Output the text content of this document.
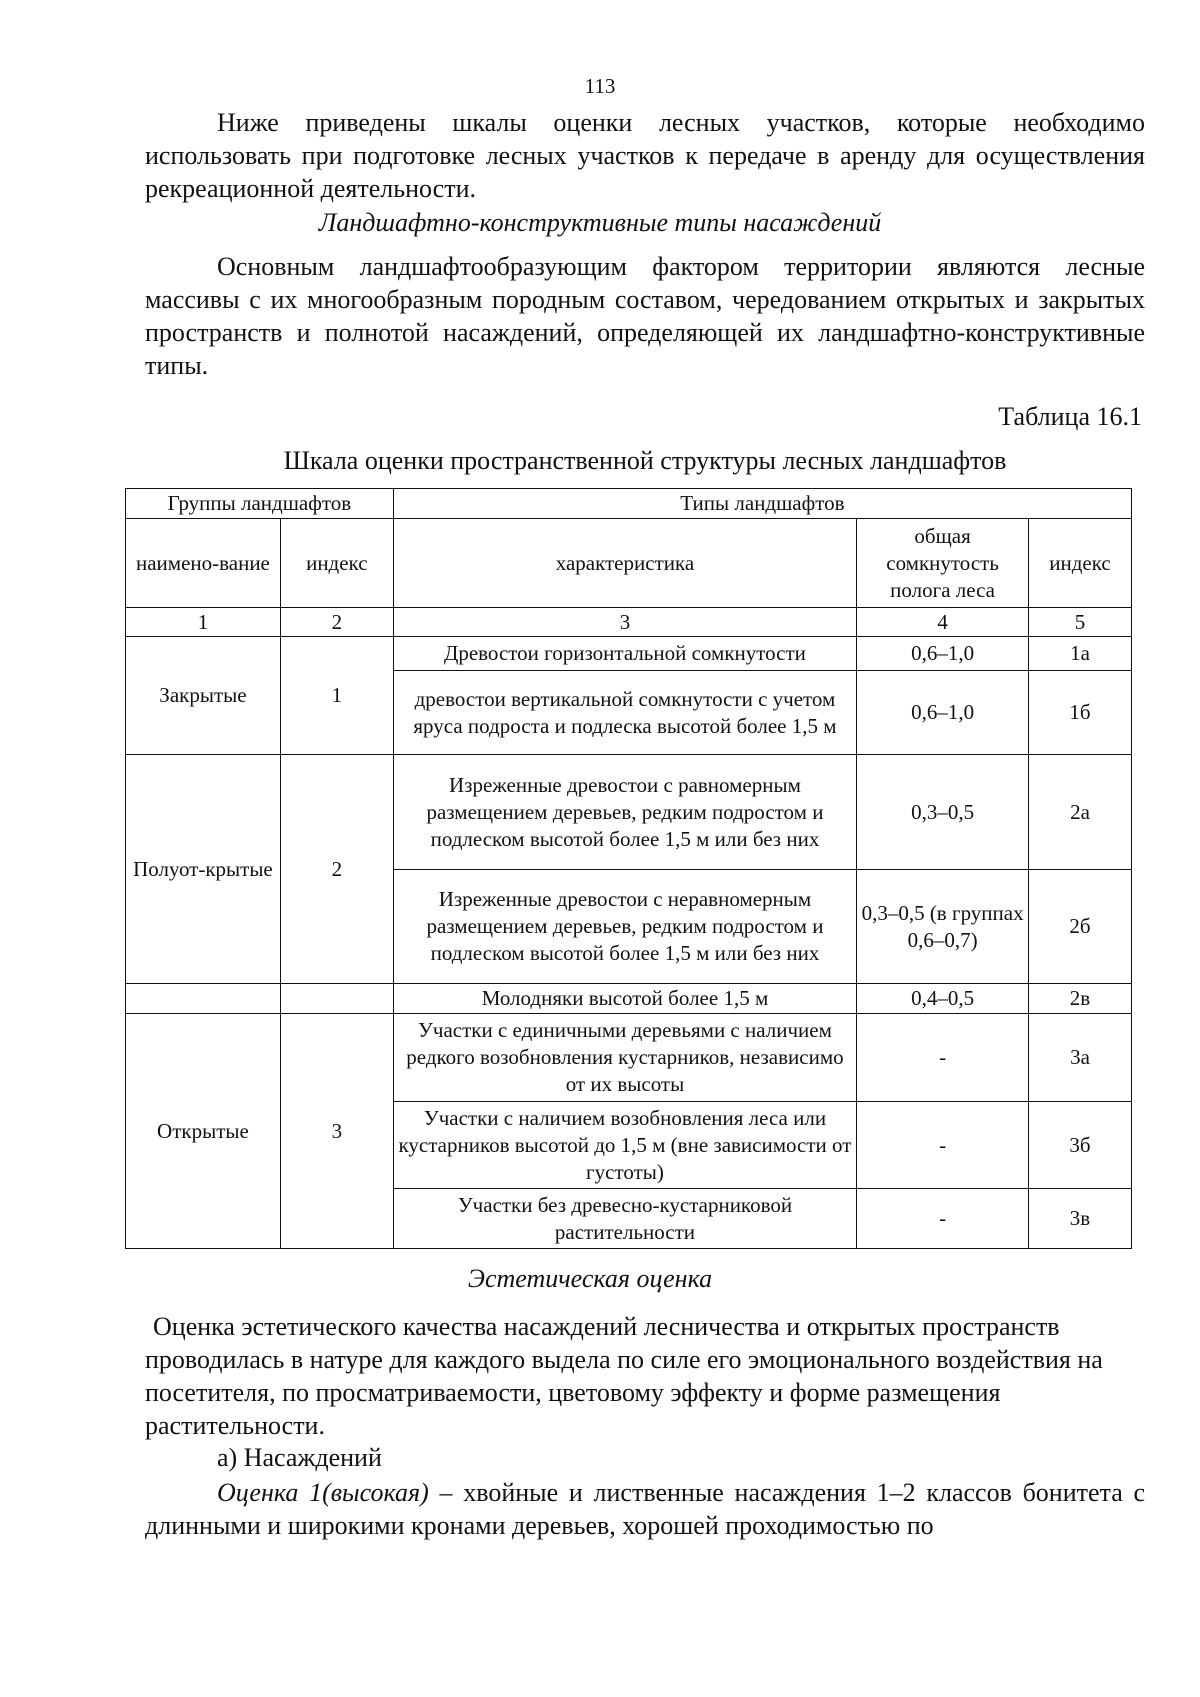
113

Ниже приведены шкалы оценки лесных участков, которые необходимо использовать при подготовке лесных участков к передаче в аренду для осуществления рекреационной деятельности.

Ландшафтно-конструктивные типы насаждений

Основным ландшафтообразующим фактором территории являются лесные массивы с их многообразным породным составом, чередованием открытых и закрытых пространств и полнотой насаждений, определяющей их ландшафтно-конструктивные типы.

Таблица 16.1
Шкала оценки пространственной структуры лесных ландшафтов
Группы ландшафтов		Типы ландшафтов		
наимено-вание	индекс	характеристика	общая сомкнутость полога леса	индекс
1	2	3	4	5
Закрытые	1	Древостои горизонтальной сомкнутости	0,6–1,0	1а
		древостои вертикальной сомкнутости с учетом яруса подроста и подлеска высотой более 1,5 м	0,6–1,0	1б
Полуот-крытые	2	Изреженные древостои с равномерным размещением деревьев, редким подростом и подлеском высотой более 1,5 м или без них	0,3–0,5	2а
		Изреженные древостои с неравномерным размещением деревьев, редким подростом и подлеском высотой более 1,5 м или без них	0,3–0,5 (в группах 0,6–0,7)	2б
		Молодняки высотой более 1,5 м	0,4–0,5	2в
Открытые	3	Участки с единичными деревьями с наличием редкого возобновления кустарников, независимо от их высоты	-	3а
		Участки с наличием возобновления леса или кустарников высотой до 1,5 м (вне зависимости от густоты)	-	3б
		Участки без древесно-кустарниковой растительности	-	3в
Эстетическая оценка

Оценка эстетического качества насаждений лесничества и открытых пространств проводилась в натуре для каждого выдела по силе его эмоционального воздействия на посетителя, по просматриваемости, цветовому эффекту и форме размещения растительности.

а) Насаждений

Оценка 1(высокая) – хвойные и лиственные насаждения 1–2 классов бонитета с длинными и широкими кронами деревьев, хорошей проходимостью по
